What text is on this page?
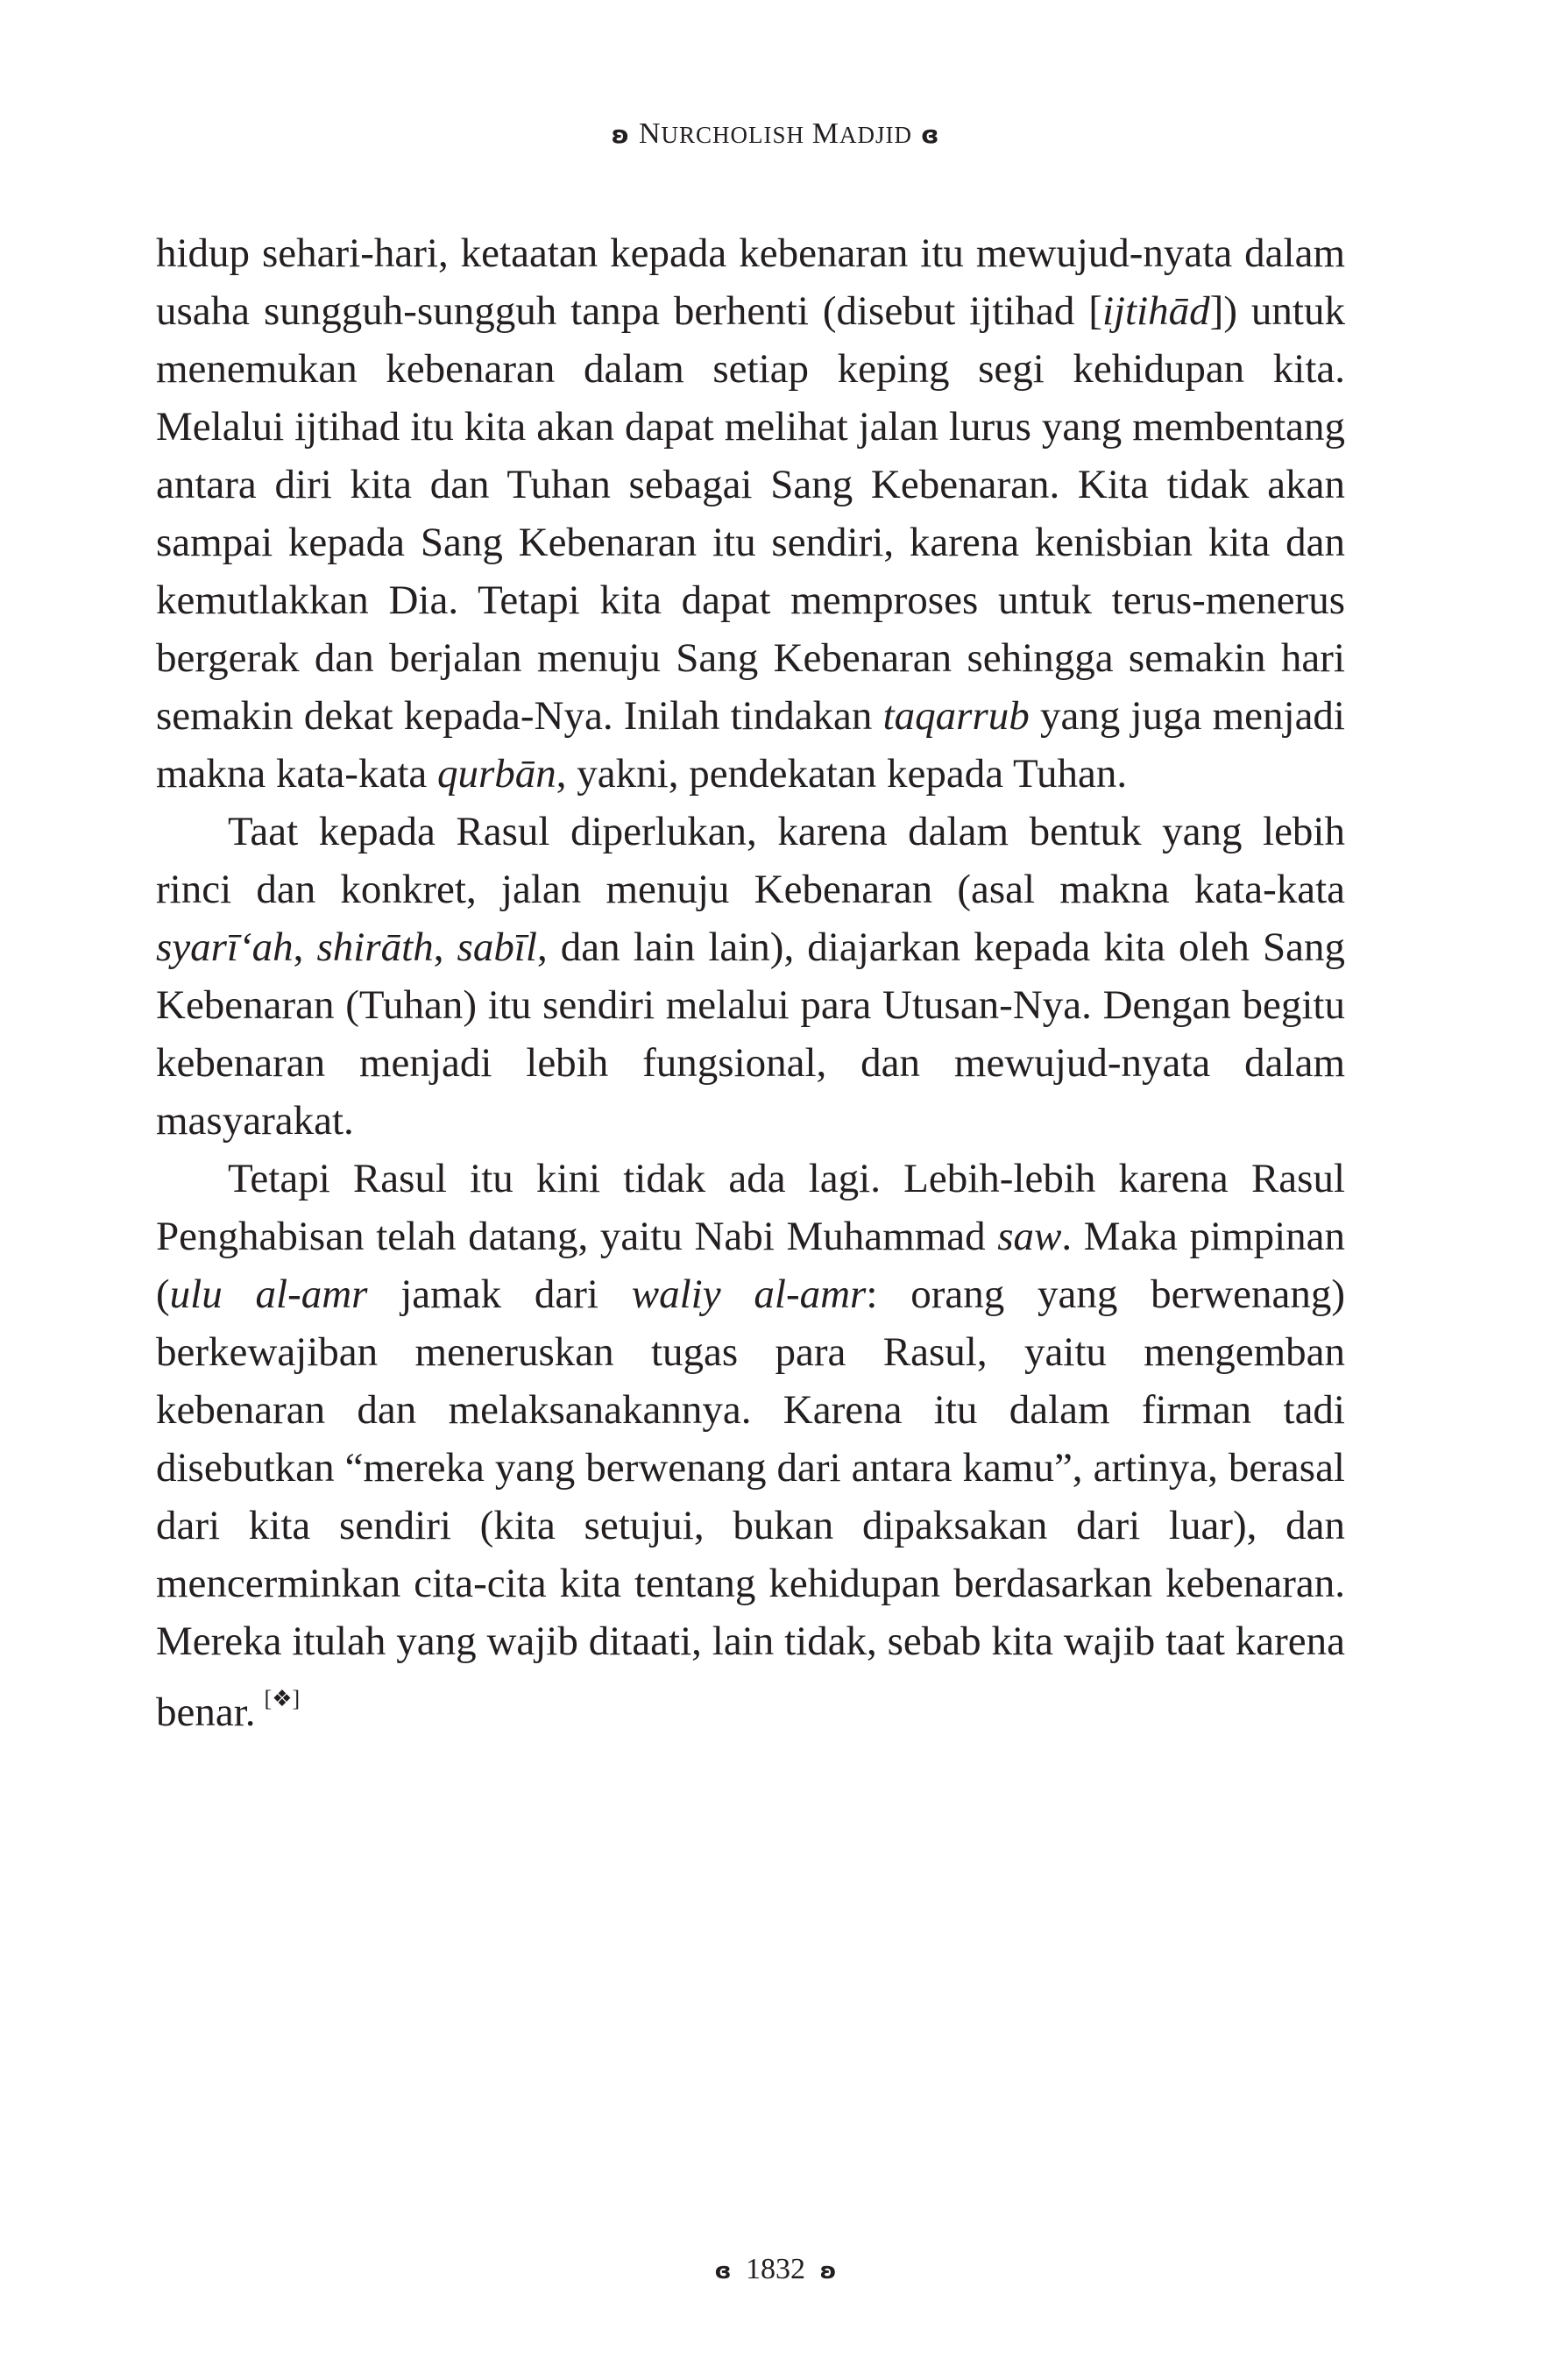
ʚ NURCHOLISH MADJID ɞ

hidup sehari-hari, ketaatan kepada kebenaran itu mewujud-nyata dalam usaha sungguh-sungguh tanpa berhenti (disebut ijtihad [ijtihād]) untuk menemukan kebenaran dalam setiap keping segi kehidupan kita. Melalui ijtihad itu kita akan dapat melihat jalan lurus yang membentang antara diri kita dan Tuhan sebagai Sang Kebenaran. Kita tidak akan sampai kepada Sang Kebenaran itu sendiri, karena kenisbian kita dan kemutlakkan Dia. Tetapi kita dapat memproses untuk terus-menerus bergerak dan berjalan menuju Sang Kebenaran sehingga semakin hari semakin dekat kepada-Nya. Inilah tindakan taqarrub yang juga menjadi makna kata-kata qurbān, yakni, pendekatan kepada Tuhan.

Taat kepada Rasul diperlukan, karena dalam bentuk yang lebih rinci dan konkret, jalan menuju Kebenaran (asal makna kata-kata syarī‘ah, shirāth, sabīl, dan lain lain), diajarkan kepada kita oleh Sang Kebenaran (Tuhan) itu sendiri melalui para Utusan-Nya. Dengan begitu kebenaran menjadi lebih fungsional, dan mewujud-nyata dalam masyarakat.

Tetapi Rasul itu kini tidak ada lagi. Lebih-lebih karena Rasul Penghabisan telah datang, yaitu Nabi Muhammad saw. Maka pimpinan (ulu al-amr jamak dari waliy al-amr: orang yang berwenang) berkewajiban meneruskan tugas para Rasul, yaitu mengemban kebenaran dan melaksanakannya. Karena itu dalam firman tadi disebutkan “mereka yang berwenang dari antara kamu”, artinya, berasal dari kita sendiri (kita setujui, bukan dipaksakan dari luar), dan mencerminkan cita-cita kita tentang kehidupan berdasarkan kebenaran. Mereka itulah yang wajib ditaati, lain tidak, sebab kita wajib taat karena benar. [❖]

ɞ 1832 ʚ
